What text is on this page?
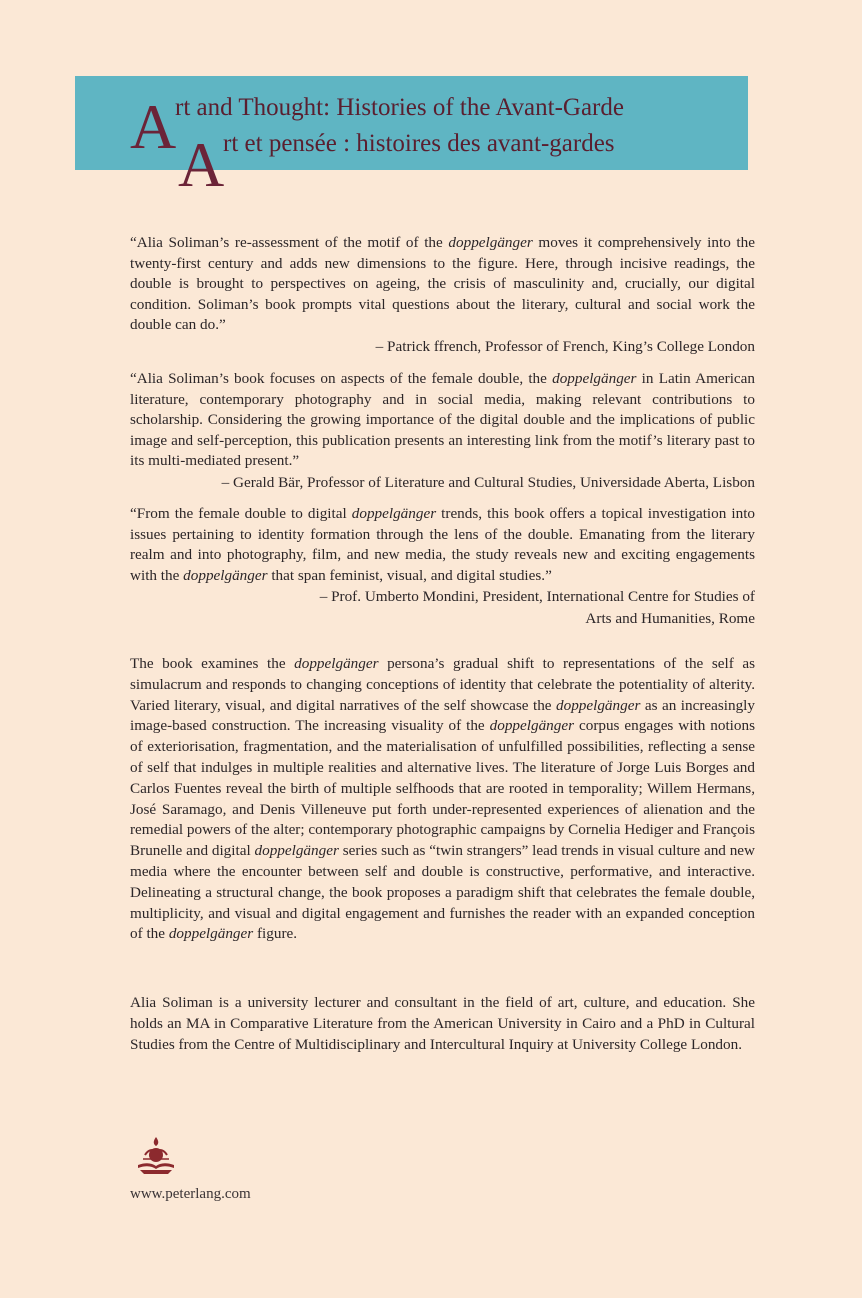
A
A
rt and Thought: Histories of the Avant-Garde
rt et pensée : histoires des avant-gardes

“Alia Soliman’s re-assessment of the motif of the doppelgänger moves it comprehensively into the twenty-first century and adds new dimensions to the figure. Here, through incisive readings, the double is brought to perspectives on ageing, the crisis of masculinity and, crucially, our digital condition. Soliman’s book prompts vital questions about the literary, cultural and social work the double can do.”

– Patrick ffrench, Professor of French, King’s College London

“Alia Soliman’s book focuses on aspects of the female double, the doppelgänger in Latin American literature, contemporary photography and in social media, making relevant contributions to scholarship. Considering the growing importance of the digital double and the implications of public image and self-perception, this publication presents an interesting link from the motif’s literary past to its multi-mediated present.”

– Gerald Bär, Professor of Literature and Cultural Studies, Universidade Aberta, Lisbon

“From the female double to digital doppelgänger trends, this book offers a topical investigation into issues pertaining to identity formation through the lens of the double. Emanating from the literary realm and into photography, film, and new media, the study reveals new and exciting engagements with the doppelgänger that span feminist, visual, and digital studies.”

– Prof. Umberto Mondini, President, International Centre for Studies of
Arts and Humanities, Rome

The book examines the doppelgänger persona’s gradual shift to representations of the self as simulacrum and responds to changing conceptions of identity that celebrate the potentiality of alterity. Varied literary, visual, and digital narratives of the self showcase the doppelgänger as an increasingly image-based construction. The increasing visuality of the doppelgänger corpus engages with notions of exteriorisation, fragmentation, and the materialisation of unfulfilled possibilities, reflecting a sense of self that indulges in multiple realities and alternative lives. The literature of Jorge Luis Borges and Carlos Fuentes reveal the birth of multiple selfhoods that are rooted in temporality; Willem Hermans, José Saramago, and Denis Villeneuve put forth under-represented experiences of alienation and the remedial powers of the alter; contemporary photographic campaigns by Cornelia Hediger and François Brunelle and digital doppelgänger series such as “twin strangers” lead trends in visual culture and new media where the encounter between self and double is constructive, performative, and interactive. Delineating a structural change, the book proposes a paradigm shift that celebrates the female double, multiplicity, and visual and digital engagement and furnishes the reader with an expanded conception of the doppelgänger figure.

Alia Soliman is a university lecturer and consultant in the field of art, culture, and education. She holds an MA in Comparative Literature from the American University in Cairo and a PhD in Cultural Studies from the Centre of Multidisciplinary and Intercultural Inquiry at University College London.

www.peterlang.com
